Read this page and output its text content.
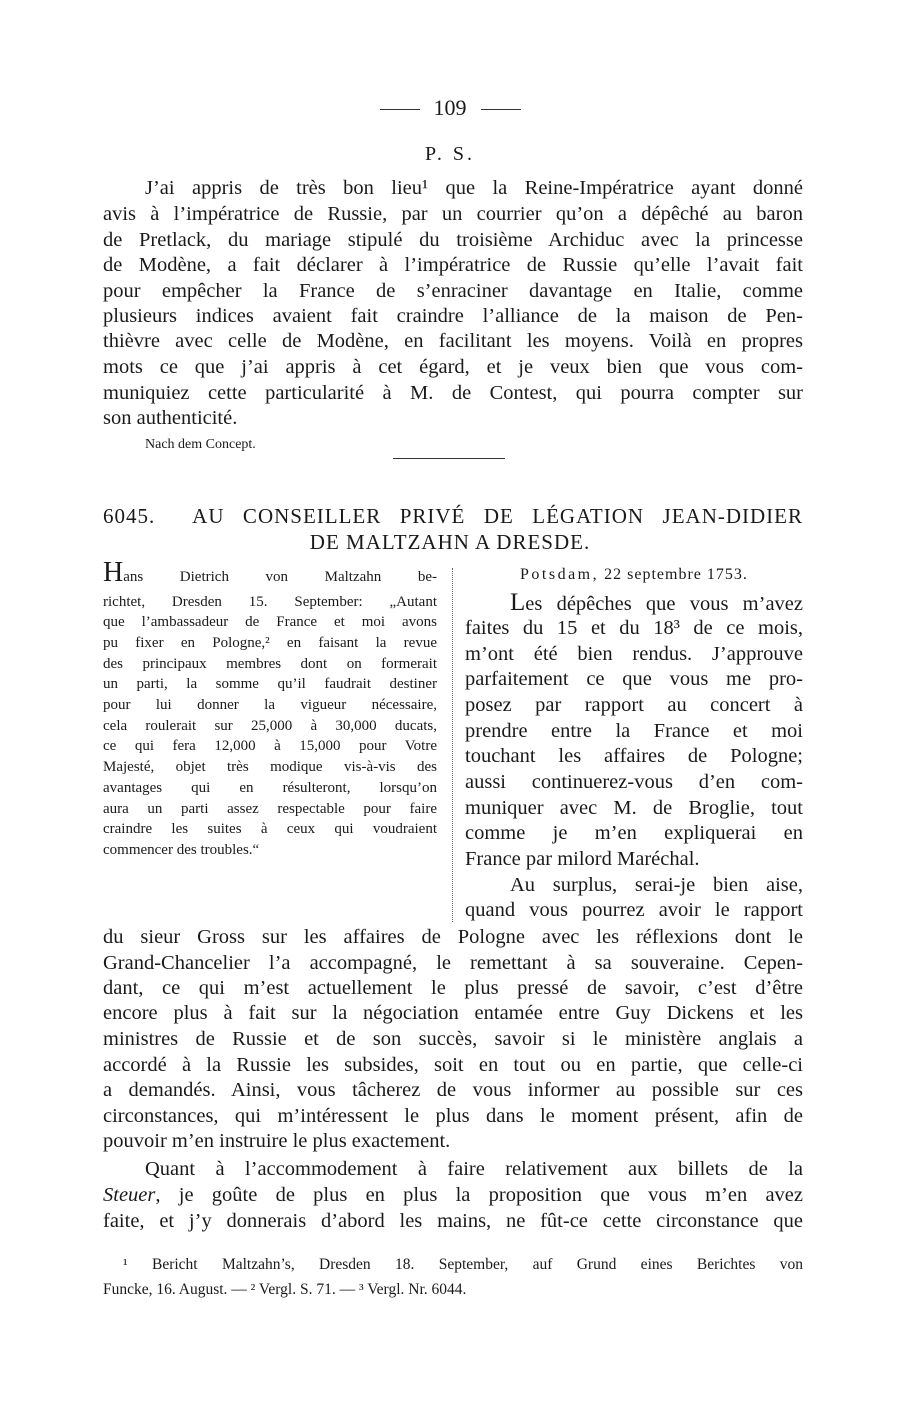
109
P. S.
J’ai appris de très bon lieu¹ que la Reine-Impératrice ayant donné
avis à l’impératrice de Russie, par un courrier qu’on a dépêché au baron
de Pretlack, du mariage stipulé du troisième Archiduc avec la princesse
de Modène, a fait déclarer à l’impératrice de Russie qu’elle l’avait fait
pour empêcher la France de s’enraciner davantage en Italie, comme
plusieurs indices avaient fait craindre l’alliance de la maison de Pen-
thièvre avec celle de Modène, en facilitant les moyens. Voilà en propres
mots ce que j’ai appris à cet égard, et je veux bien que vous com-
muniquiez cette particularité à M. de Contest, qui pourra compter sur
son authenticité.
Nach dem Concept.
6045. AU CONSEILLER PRIVÉ DE LÉGATION JEAN-DIDIER
DE MALTZAHN A DRESDE.
Hans Dietrich von Maltzahn be-
richtet, Dresden 15. September: „Autant
que l’ambassadeur de France et moi avons
pu fixer en Pologne,² en faisant la revue
des principaux membres dont on formerait
un parti, la somme qu’il faudrait destiner
pour lui donner la vigueur nécessaire,
cela roulerait sur 25,000 à 30,000 ducats,
ce qui fera 12,000 à 15,000 pour Votre
Majesté, objet très modique vis-à-vis des
avantages qui en résulteront, lorsqu’on
aura un parti assez respectable pour faire
craindre les suites à ceux qui voudraient
commencer des troubles.“
Potsdam, 22 septembre 1753.
Les dépêches que vous m’avez
faites du 15 et du 18³ de ce mois,
m’ont été bien rendus. J’approuve
parfaitement ce que vous me pro-
posez par rapport au concert à
prendre entre la France et moi
touchant les affaires de Pologne;
aussi continuerez-vous d’en com-
muniquer avec M. de Broglie, tout
comme je m’en expliquerai en
France par milord Maréchal.
Au surplus, serai-je bien aise,
quand vous pourrez avoir le rapport
du sieur Gross sur les affaires de Pologne avec les réflexions dont le
Grand-Chancelier l’a accompagné, le remettant à sa souveraine. Cepen-
dant, ce qui m’est actuellement le plus pressé de savoir, c’est d’être
encore plus à fait sur la négociation entamée entre Guy Dickens et les
ministres de Russie et de son succès, savoir si le ministère anglais a
accordé à la Russie les subsides, soit en tout ou en partie, que celle-ci
a demandés. Ainsi, vous tâcherez de vous informer au possible sur ces
circonstances, qui m’intéressent le plus dans le moment présent, afin de
pouvoir m’en instruire le plus exactement.
Quant à l’accommodement à faire relativement aux billets de la
Steuer, je goûte de plus en plus la proposition que vous m’en avez
faite, et j’y donnerais d’abord les mains, ne fût-ce cette circonstance que
¹ Bericht Maltzahn’s, Dresden 18. September, auf Grund eines Berichtes von
Funcke, 16. August. — ² Vergl. S. 71. — ³ Vergl. Nr. 6044.
